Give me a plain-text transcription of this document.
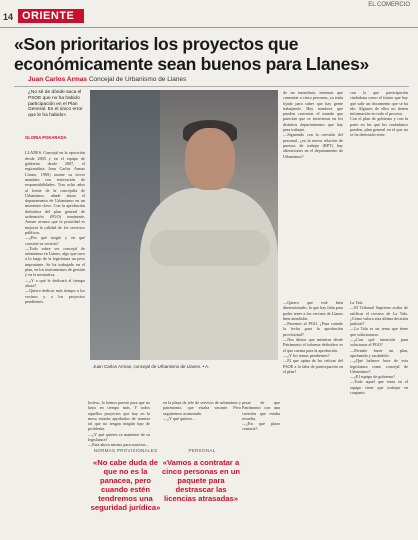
14 ORIENTE
EL COMERCIO
«Son prioritarios los proyectos que económicamente sean buenos para Llanes»
Juan Carlos Armas Concejal de Urbanismo de Llanes
¿No sé de dónde saca el PSOE que no ha habido participación en el Plan General. Es el único error que le ha habido»

GLORIA POKARADA

LLANES. Concejal en la oposición desde 2003 y en el equipo de gobierno desde 2007, el regionalista Juan Carlos Armas Llanes, 1969) asume su tercer mandato con renovación de responsabilidades. Tras ocho años al frente de la concejalía de Urbanismo, añade ahora el departamento de Urbanismo en un momento clave. Con la aprobación definitiva del plan general de ordenación (PGO) inminente, Armas avanza que la prioridad es mejorar la calidad de los servicios públicos.
—¿Por qué surgió y en qué consiste su versión?
—Todo sobre ser concejal de urbanismo en Llanes, algo que tuvo a lo largo de la legislatura un peso importante. Se ha trabajado en el plan, en los instrumentos de gestión y en la normativa.
—¿Y a qué le dedicará el tiempo ahora?
—Quiero dedicar más tiempo a los vecinos y a los proyectos pendientes.

Juan Carlos Armas, concejal de Urbanismo de Llanes. • A.
de un inmediato, tenemos que comentar a cinco personas, ya tenía fijado para saber que hay gente trabajando. Hay nombres que pueden concretar el mundo que parecían que se invirtieron en los distintos departamentos que hay para trabajar.
—Siguiendo con la cuestión del personal, ¿en la nueva relación de puestos de trabajo (RPT) hay alteraciones en el departamento de Urbanismo?
con la que participación ciudadana como el futuro que hay que salir un documento que se ha ido. Algunos de ellos no tienen información en todo el proceso.
Con el plan de gobierno y con la parte en las que los ciudadanos pueden, plan general en el que no se ha detectado error.
—Quiero que esté bien dimensionado, lo que hay falta para poder tener a los vecinos de Llanes bien atendidos.
—Pasemos al PGO. ¿Para cuándo la fecha para la aprobación provisional?
—Nos dimos que mientras desde Patrimonio el informe definitivo es el que cuenta para la aprobación.
—¿Y los temas pendientes?
—El que opina de las críticas del PSOE a la falta de participación en el plan?
La Tala
—El Tribunal Supremo acaba de ratificar el recurso de La Tala. ¿Cómo valora esta última decisión judicial?
—La Tala es un tema que tiene que solucionarse.
—¿Con qué intención para solucionar el PGO?
—Permite hacer un plan, aprobando y sacándolo.
—¿Qué balance hace de esta legislatura como concejal de Urbanismo?
—¿El equipo de gobierno?
—Todo aquel que entra en el equipo tiene que trabajar en conjunto.
lectivo, lo hemos puesto para que no haya en tiempo más. Y todos aquellos proyectos que hay en la mesa estarán aprobados de manera tal que no tengan ningún tipo de problema.
—¿Y qué quieres ra mantener de su legislatura?
—Esta ahora mismo para nosotros...
pesar de que Patrimonio con una cuestión que estaba resuelta.
—¿En qué plazo contaría?
en la plaza de jefe de servicio de urbanismo y patrimonio, que estaba vacante. Pero seguiremos avanzando.
—¿Y qué quieres...
NORMAS PROVISIONALES
«No cabe duda de que no es la panacea, pero cuando estén tendremos una seguridad jurídica»
PERSONAL
«Vamos a contratar a cinco personas en un paquete para destrascar las licencias atrasadas»
